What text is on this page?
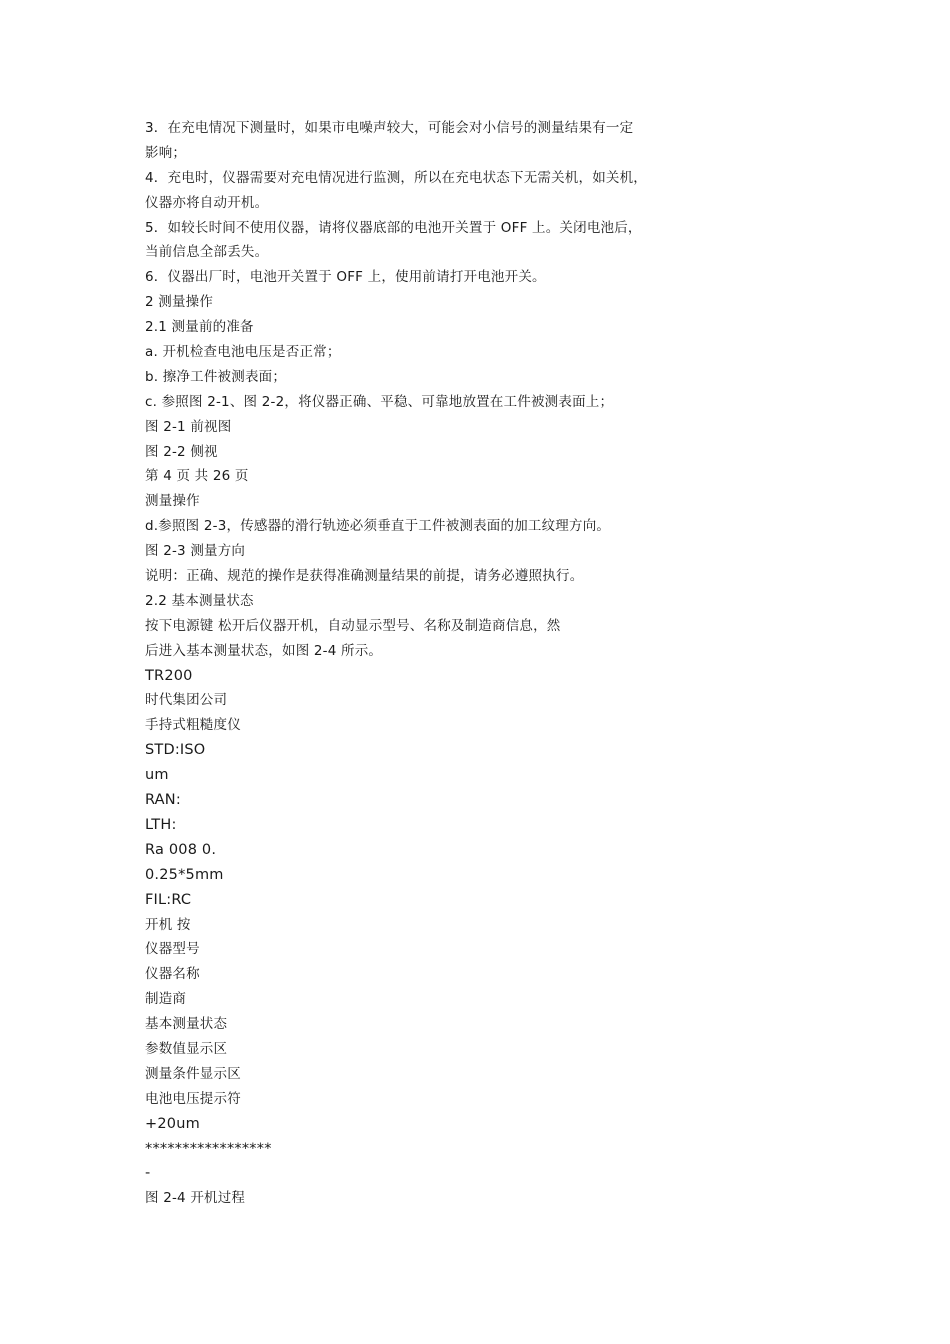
3．在充电情况下测量时，如果市电噪声较大，可能会对小信号的测量结果有一定
影响；
4．充电时，仪器需要对充电情况进行监测，所以在充电状态下无需关机，如关机，
仪器亦将自动开机。
5．如较长时间不使用仪器，请将仪器底部的电池开关置于 OFF 上。关闭电池后，
当前信息全部丢失。
6．仪器出厂时，电池开关置于 OFF 上，使用前请打开电池开关。
2 测量操作
2.1 测量前的准备
a. 开机检查电池电压是否正常；
b. 擦净工件被测表面；
c. 参照图 2-1、图 2-2，将仪器正确、平稳、可靠地放置在工件被测表面上；
图 2-1 前视图
图 2-2 侧视
第 4 页 共 26 页
测量操作
d.参照图 2-3，传感器的滑行轨迹必须垂直于工件被测表面的加工纹理方向。
图 2-3 测量方向
说明：正确、规范的操作是获得准确测量结果的前提，请务必遵照执行。
2.2 基本测量状态
按下电源键 松开后仪器开机，自动显示型号、名称及制造商信息，然
后进入基本测量状态，如图 2-4 所示。
TR200
时代集团公司
手持式粗糙度仪
STD:ISO
um
RAN:
LTH:
Ra 008 0.
0.25*5mm
FIL:RC
开机 按
仪器型号
仪器名称
制造商
基本测量状态
参数值显示区
测量条件显示区
电池电压提示符
+20um
*****************
-
图 2-4 开机过程
